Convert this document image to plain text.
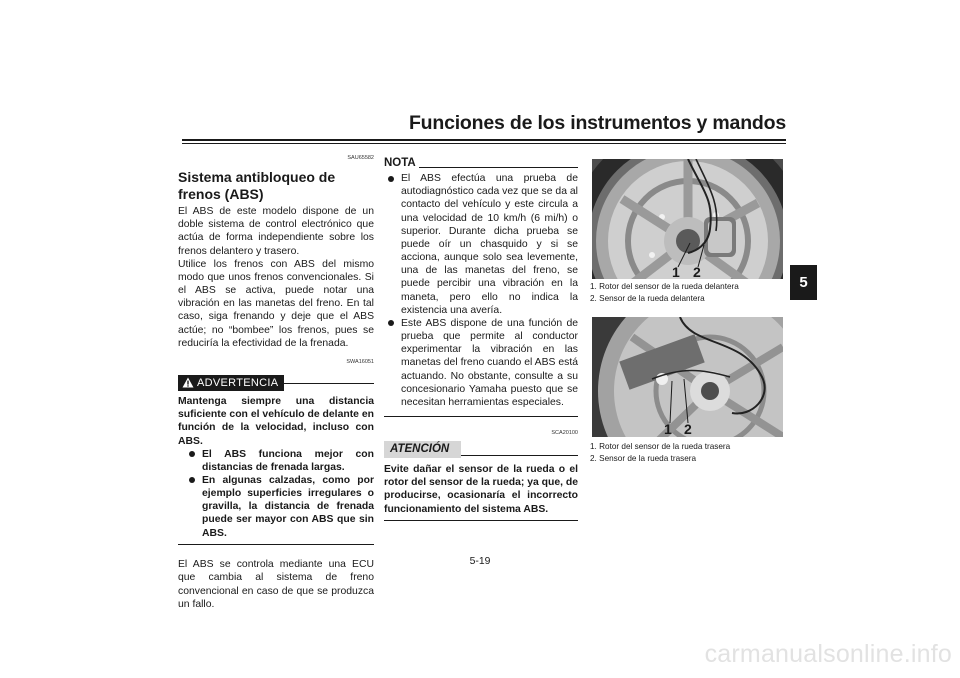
Funciones de los instrumentos y mandos
5
SAU65582
Sistema antibloqueo de frenos (ABS)
El ABS de este modelo dispone de un doble sistema de control electrónico que actúa de forma independiente sobre los frenos delantero y trasero.
Utilice los frenos con ABS del mismo modo que unos frenos convencionales. Si el ABS se activa, puede notar una vibración en las manetas del freno. En tal caso, siga frenando y deje que el ABS actúe; no “bombee” los frenos, pues se reduciría la efectividad de la frenada.
SWA16051
ADVERTENCIA
Mantenga siempre una distancia suficiente con el vehículo de delante en función de la velocidad, incluso con ABS.
El ABS funciona mejor con distancias de frenada largas.
En algunas calzadas, como por ejemplo superficies irregulares o gravilla, la distancia de frenada puede ser mayor con ABS que sin ABS.
El ABS se controla mediante una ECU que cambia al sistema de freno convencional en caso de que se produzca un fallo.
NOTA
El ABS efectúa una prueba de autodiagnóstico cada vez que se da al contacto del vehículo y este circula a una velocidad de 10 km/h (6 mi/h) o superior. Durante dicha prueba se puede oír un chasquido y si se acciona, aunque solo sea levemente, una de las manetas del freno, se puede percibir una vibración en la maneta, pero ello no indica la existencia una avería.
Este ABS dispone de una función de prueba que permite al conductor experimentar la vibración en las manetas del freno cuando el ABS está actuando. No obstante, consulte a su concesionario Yamaha puesto que se necesitan herramientas especiales.
SCA20100
ATENCIÓN
Evite dañar el sensor de la rueda o el rotor del sensor de la rueda; ya que, de producirse, ocasionaría el incorrecto funcionamiento del sistema ABS.
1 2
1. Rotor del sensor de la rueda delantera
2. Sensor de la rueda delantera
1 2
1. Rotor del sensor de la rueda trasera
2. Sensor de la rueda trasera
5-19
carmanualsonline.info
